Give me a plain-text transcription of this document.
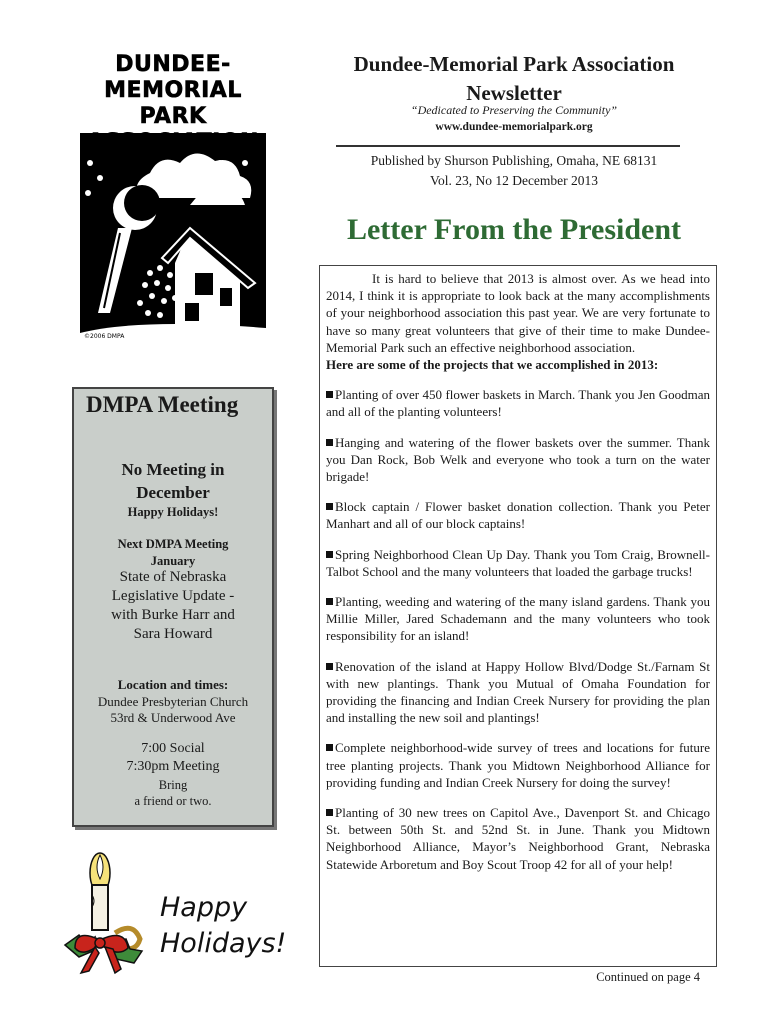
DUNDEE-
MEMORIAL PARK
©2006 DMPA
Dundee-Memorial Park Association
Newsletter
“Dedicated to Preserving the Community”
www.dundee-memorialpark.org
Published by Shurson Publishing, Omaha, NE 68131
Vol. 23, No 12 December 2013
Letter From the President

It is hard to believe that 2013 is almost over. As we head into 2014, I think it is appropriate to look back at the many accomplishments of your neighborhood association this past year. We are very fortunate to have so many great volunteers that give of their time to make Dundee-Memorial Park such an effective neighborhood association.

Here are some of the projects that we accomplished in 2013:

Planting of over 450 flower baskets in March. Thank you Jen Goodman and all of the planting volunteers!

Hanging and watering of the flower baskets over the summer. Thank you Dan Rock, Bob Welk and everyone who took a turn on the water brigade!

Block captain / Flower basket donation collection. Thank you Peter Manhart and all of our block captains!

Spring Neighborhood Clean Up Day. Thank you Tom Craig, Brownell-Talbot School and the many volunteers that loaded the garbage trucks!

Planting, weeding and watering of the many island gardens. Thank you Millie Miller, Jared Schademann and the many volunteers who took responsibility for an island!

Renovation of the island at Happy Hollow Blvd/Dodge St./Farnam St with new plantings. Thank you Mutual of Omaha Foundation for providing the financing and Indian Creek Nursery for providing the plan and installing the new soil and plantings!

Complete neighborhood-wide survey of trees and locations for future tree planting projects. Thank you Midtown Neighborhood Alliance for providing funding and Indian Creek Nursery for doing the survey!

Planting of 30 new trees on Capitol Ave., Davenport St. and Chicago St. between 50th St. and 52nd St. in June. Thank you Midtown Neighborhood Alliance, Mayor’s Neighborhood Grant, Nebraska Statewide Arboretum and Boy Scout Troop 42 for all of your help!

Continued on page 4
DMPA Meeting
No Meeting in
December
Happy Holidays!
Next DMPA Meeting
January
State of Nebraska
Legislative Update -
with Burke Harr and
Sara Howard
Location and times:
Dundee Presbyterian Church
53rd & Underwood Ave
7:00 Social
7:30pm Meeting
Bring
a friend or two.
Happy
Holidays!
